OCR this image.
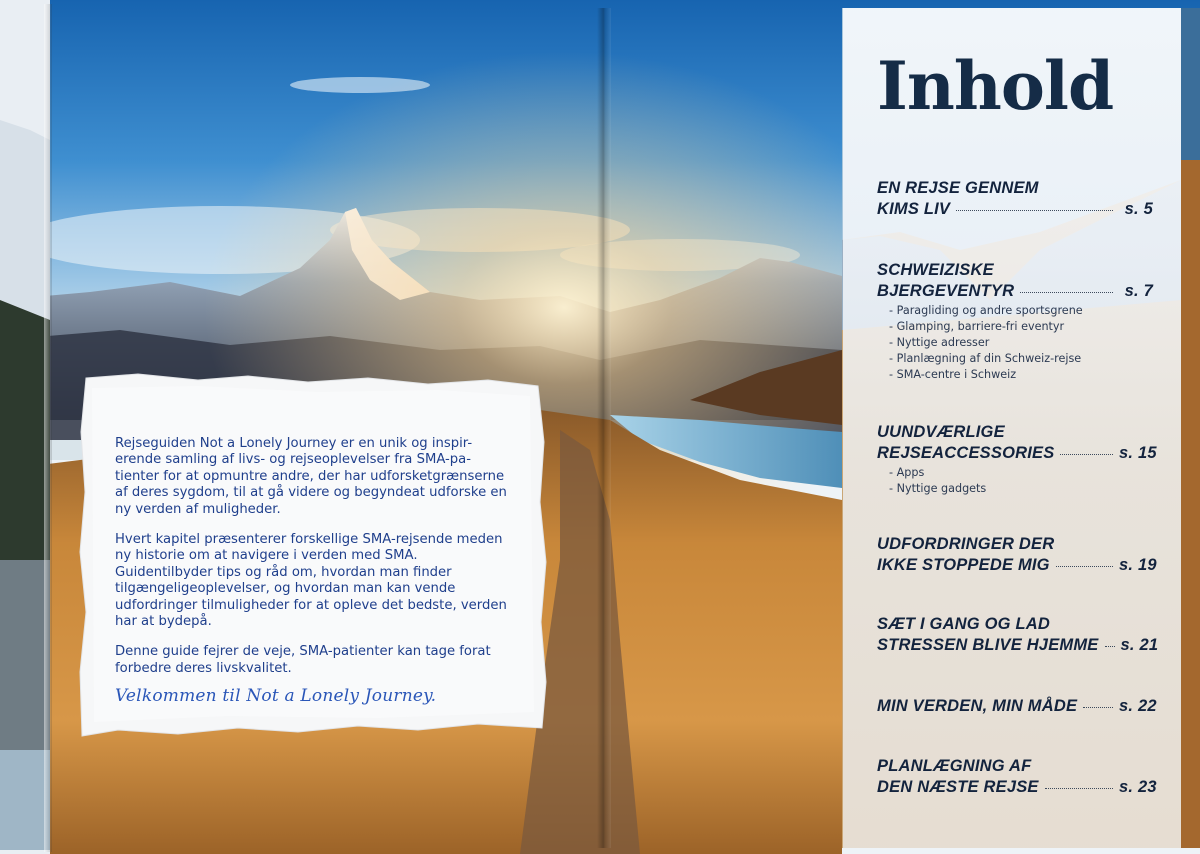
Rejseguiden Not a Lonely Journey er en unik og inspir-erende samling af livs- og rejseoplevelser fra SMA-pa-tienter for at opmuntre andre, der har udforsketgrænserne af deres sygdom, til at gå videre og begyndeat udforske en ny verden af muligheder.

Hvert kapitel præsenterer forskellige SMA-rejsende meden ny historie om at navigere i verden med SMA. Guidentilbyder tips og råd om, hvordan man finder tilgængeligeoplevelser, og hvordan man kan vende udfordringer tilmuligheder for at opleve det bedste, verden har at bydepå.

Denne guide fejrer de veje, SMA-patienter kan tage forat forbedre deres livskvalitet.

Velkommen til Not a Lonely Journey.
Inhold
EN REJSE GENNEM
KIMS LIV	s. 5
SCHWEIZISKE
BJERGEVENTYR	s. 7
- Paragliding og andre sportsgrene
- Glamping, barriere-fri eventyr
- Nyttige adresser
- Planlægning af din Schweiz-rejse
- SMA-centre i Schweiz
UUNDVÆRLIGE
REJSEACCESSORIES	s. 15
- Apps
- Nyttige gadgets
UDFORDRINGER DER
IKKE STOPPEDE MIG	s. 19
SÆT I GANG OG LAD
STRESSEN BLIVE HJEMME s. 21
MIN VERDEN, MIN MÅDE	s. 22
PLANLÆGNING AF
DEN NÆSTE REJSE	s. 23
